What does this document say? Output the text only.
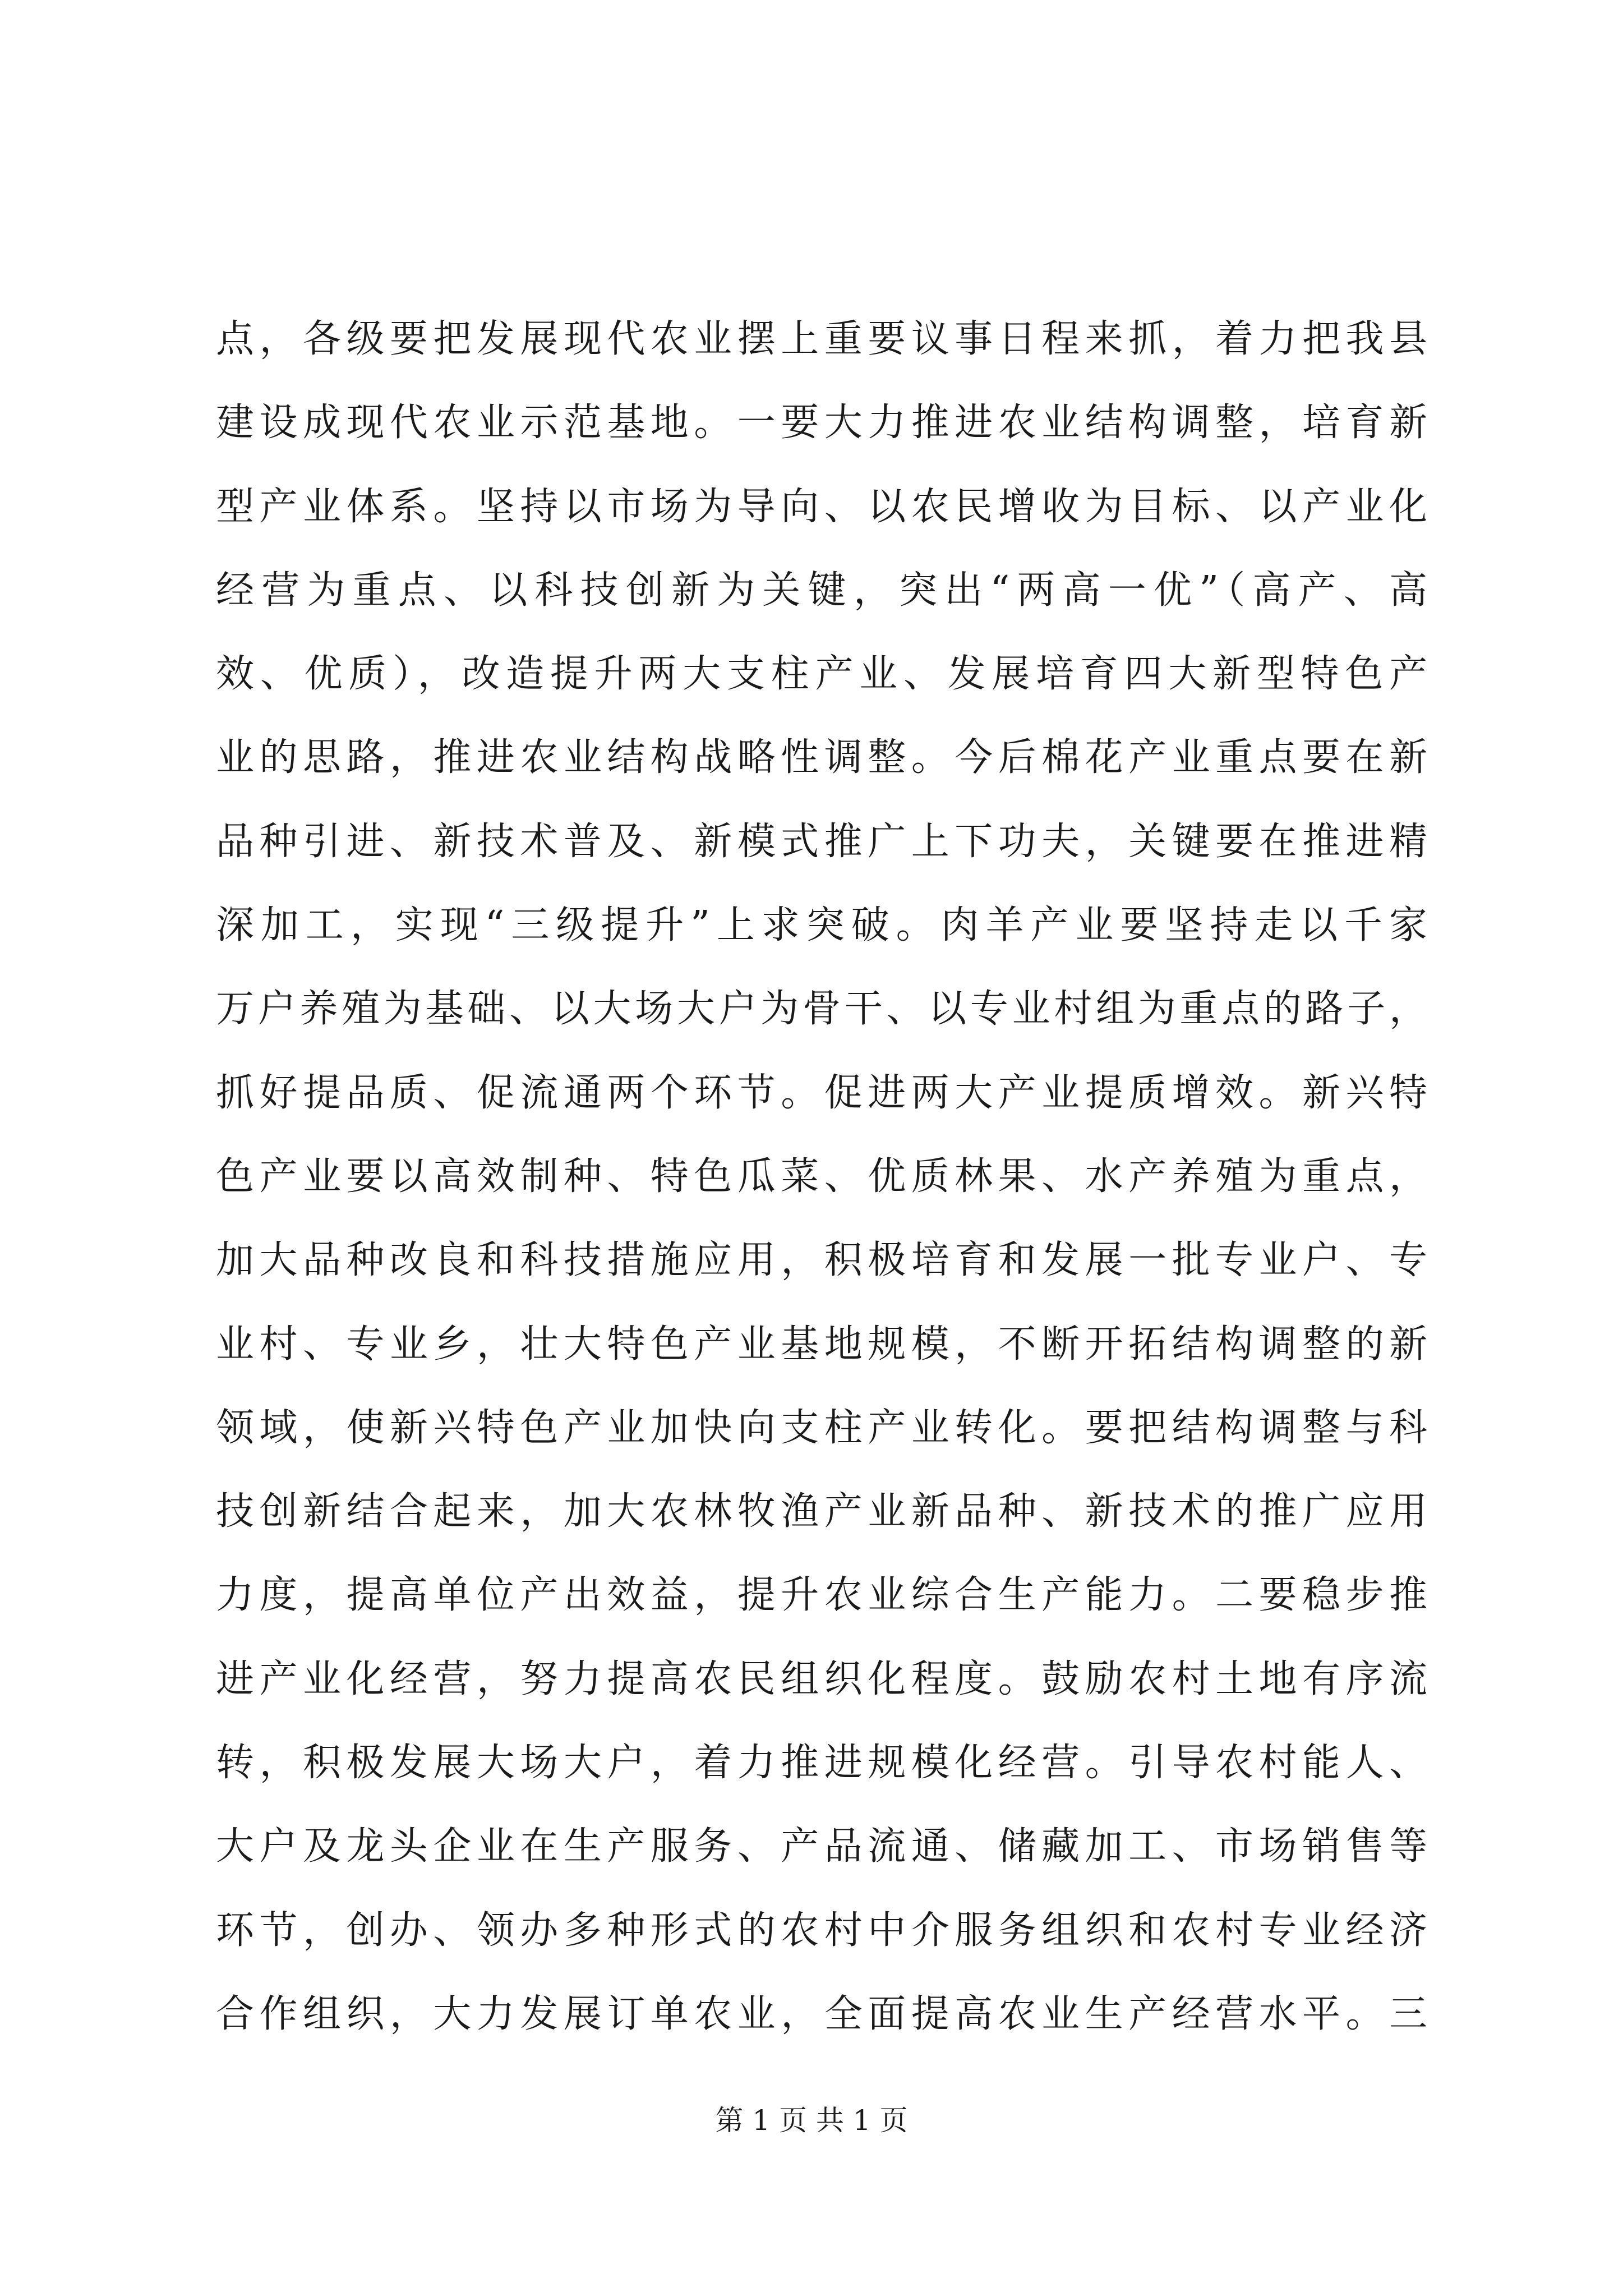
点，各级要把发展现代农业摆上重要议事日程来抓，着力把我县
建设成现代农业示范基地。一要大力推进农业结构调整，培育新
型产业体系。坚持以市场为导向、以农民增收为目标、以产业化
经营为重点、以科技创新为关键，突出“两高一优”（高产、高
效、优质），改造提升两大支柱产业、发展培育四大新型特色产
业的思路，推进农业结构战略性调整。今后棉花产业重点要在新
品种引进、新技术普及、新模式推广上下功夫，关键要在推进精
深加工，实现“三级提升”上求突破。肉羊产业要坚持走以千家
万户养殖为基础、以大场大户为骨干、以专业村组为重点的路子，
抓好提品质、促流通两个环节。促进两大产业提质增效。新兴特
色产业要以高效制种、特色瓜菜、优质林果、水产养殖为重点，
加大品种改良和科技措施应用，积极培育和发展一批专业户、专
业村、专业乡，壮大特色产业基地规模，不断开拓结构调整的新
领域，使新兴特色产业加快向支柱产业转化。要把结构调整与科
技创新结合起来，加大农林牧渔产业新品种、新技术的推广应用
力度，提高单位产出效益，提升农业综合生产能力。二要稳步推
进产业化经营，努力提高农民组织化程度。鼓励农村土地有序流
转，积极发展大场大户，着力推进规模化经营。引导农村能人、
大户及龙头企业在生产服务、产品流通、储藏加工、市场销售等
环节，创办、领办多种形式的农村中介服务组织和农村专业经济
合作组织，大力发展订单农业，全面提高农业生产经营水平。三
第 1 页 共 1 页
